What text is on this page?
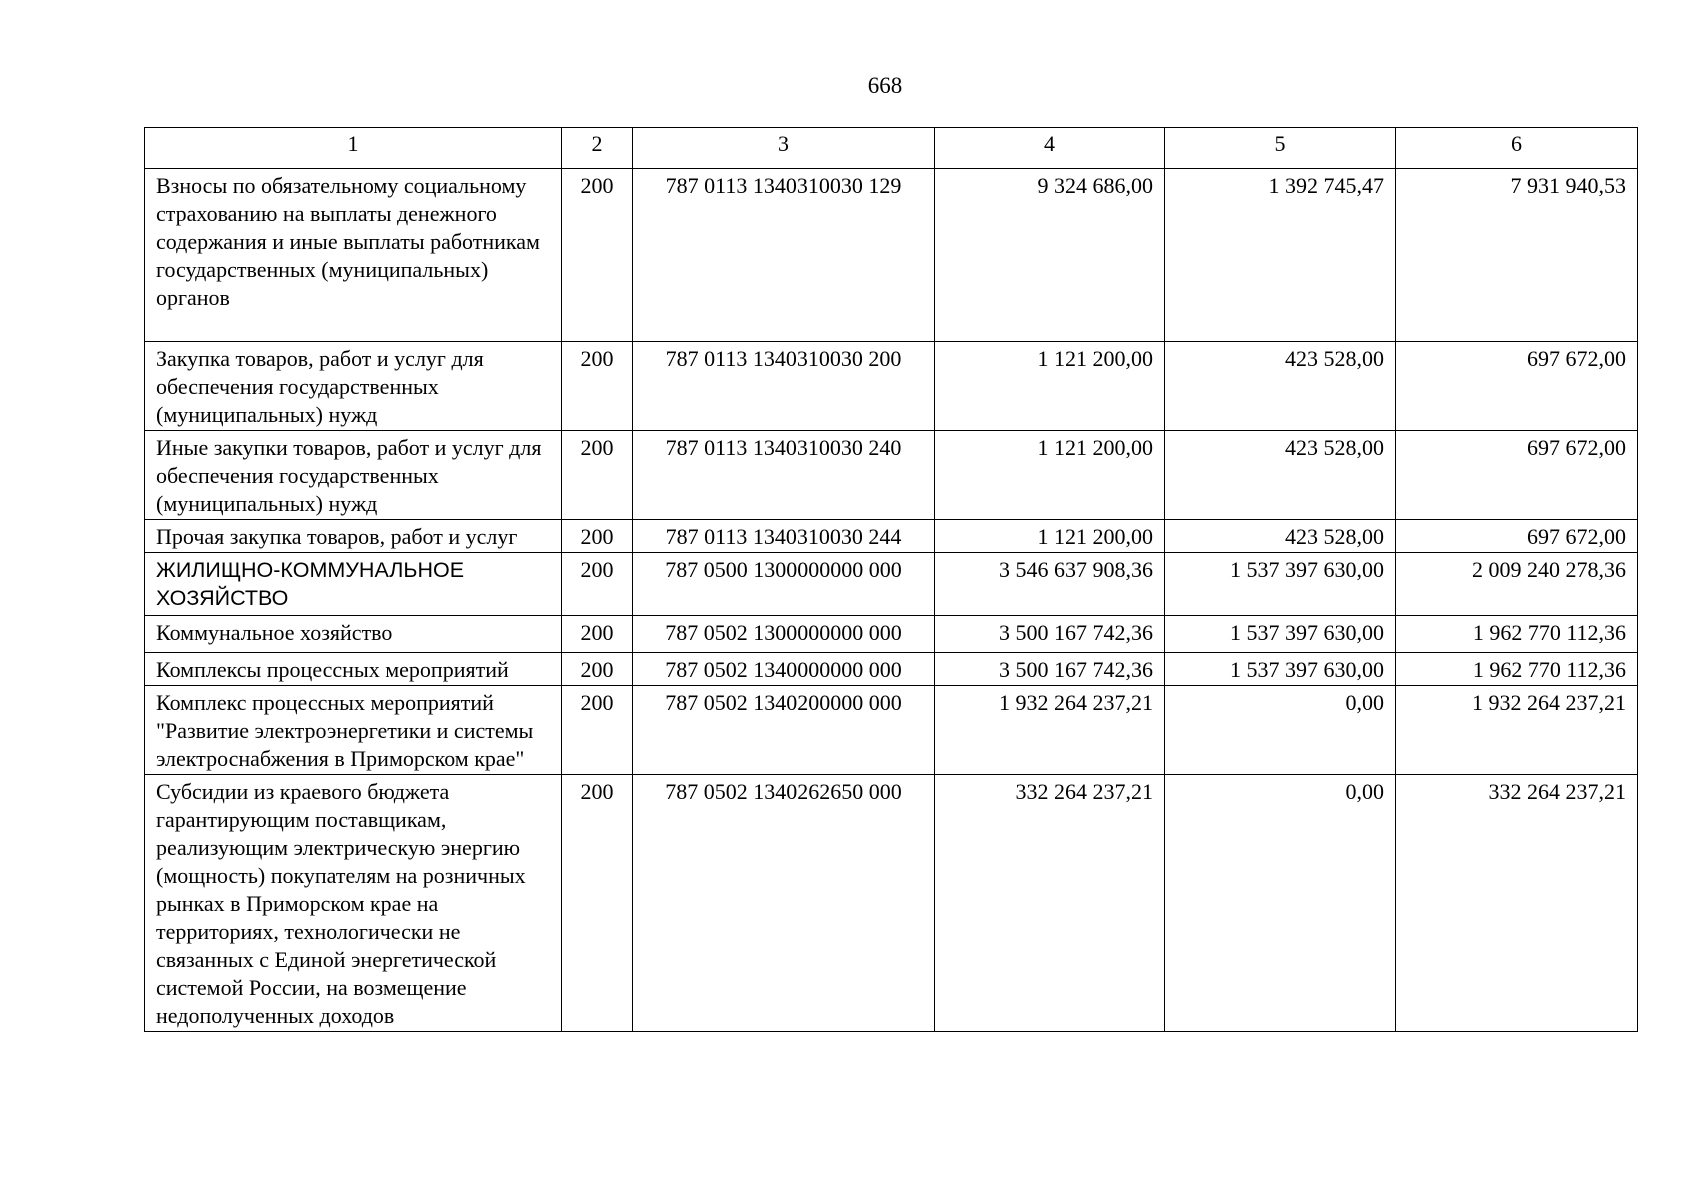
668
1	2	3	4	5	6
Взносы по обязательному социальному страхованию на выплаты денежного содержания и иные выплаты работникам государственных (муниципальных) органов	200	787 0113 1340310030 129	9 324 686,00	1 392 745,47	7 931 940,53
Закупка товаров, работ и услуг для обеспечения государственных (муниципальных) нужд	200	787 0113 1340310030 200	1 121 200,00	423 528,00	697 672,00
Иные закупки товаров, работ и услуг для обеспечения государственных (муниципальных) нужд	200	787 0113 1340310030 240	1 121 200,00	423 528,00	697 672,00
Прочая закупка товаров, работ и услуг	200	787 0113 1340310030 244	1 121 200,00	423 528,00	697 672,00
ЖИЛИЩНО-КОММУНАЛЬНОЕ ХОЗЯЙСТВО	200	787 0500 1300000000 000	3 546 637 908,36	1 537 397 630,00	2 009 240 278,36
Коммунальное хозяйство	200	787 0502 1300000000 000	3 500 167 742,36	1 537 397 630,00	1 962 770 112,36
Комплексы процессных мероприятий	200	787 0502 1340000000 000	3 500 167 742,36	1 537 397 630,00	1 962 770 112,36
Комплекс процессных мероприятий "Развитие электроэнергетики и системы электроснабжения в Приморском крае"	200	787 0502 1340200000 000	1 932 264 237,21	0,00	1 932 264 237,21
Субсидии из краевого бюджета гарантирующим поставщикам, реализующим электрическую энергию (мощность) покупателям на розничных рынках в Приморском крае на территориях, технологически не связанных с Единой энергетической системой России, на возмещение недополученных доходов	200	787 0502 1340262650 000	332 264 237,21	0,00	332 264 237,21
